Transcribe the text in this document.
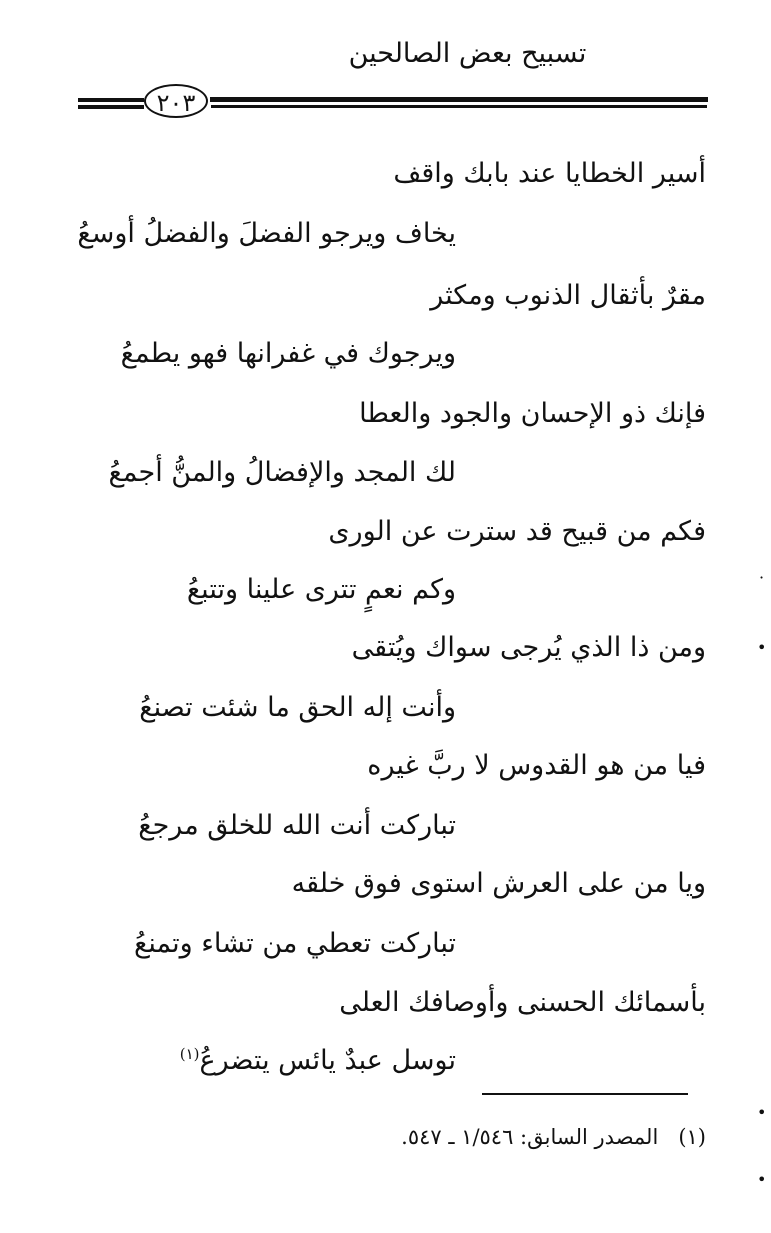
تسبيح بعض الصالحين
٢٠٣
أسير الخطايا عند بابك واقف
يخاف ويرجو الفضلَ والفضلُ أوسعُ
مقرٌ بأثقال الذنوب ومكثر
ويرجوك في غفرانها فهو يطمعُ
فإنك ذو الإحسان والجود والعطا
لك المجد والإفضالُ والمنُّ أجمعُ
فكم من قبيح قد سترت عن الورى
وكم نعمٍ تترى علينا وتتبعُ
ومن ذا الذي يُرجى سواك ويُتقى
وأنت إله الحق ما شئت تصنعُ
فيا من هو القدوس لا ربَّ غيره
تباركت أنت الله للخلق مرجعُ
ويا من على العرش استوى فوق خلقه
تباركت تعطي من تشاء وتمنعُ
بأسمائك الحسنى وأوصافك العلى
توسل عبدٌ يائس يتضرعُ$^{(١)}$
(١)   المصدر السابق: ١/٥٤٦ ـ ٥٤٧.
·
•
•
•
